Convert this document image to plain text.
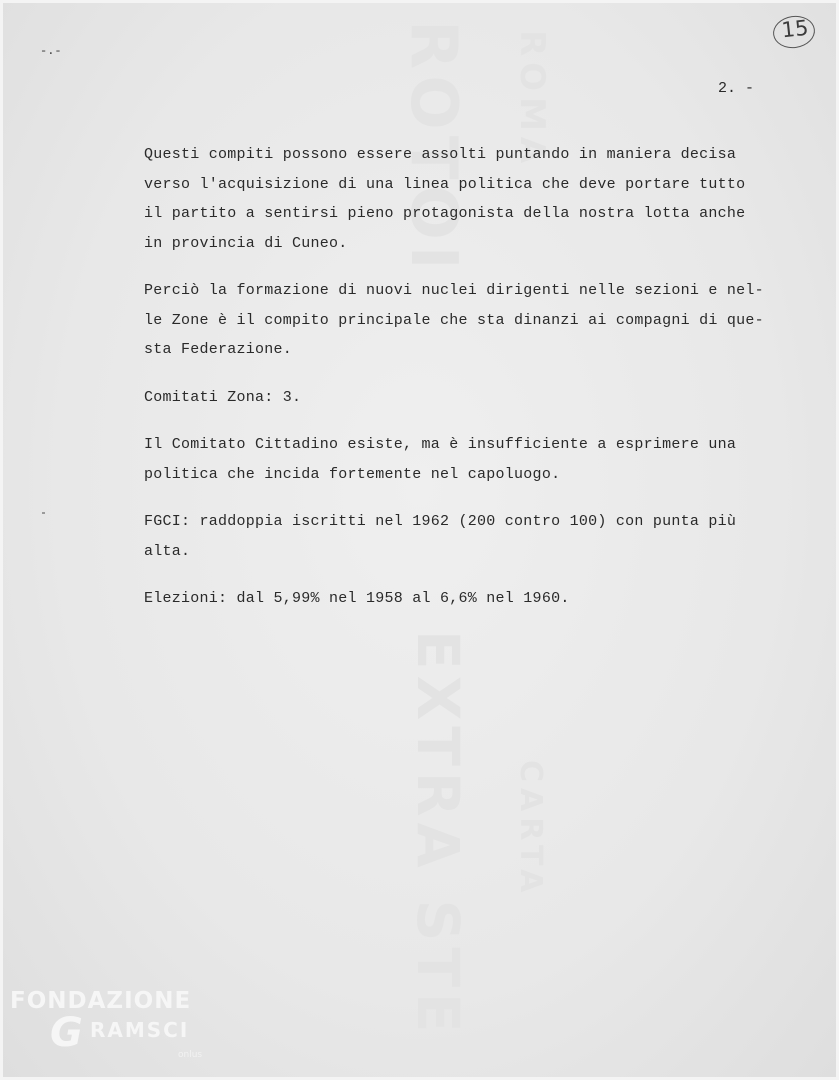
ROTOI
EXTRA STE
ROMA
CARTA
-.-
15
2. -
Questi compiti possono essere assolti puntando in maniera decisa
verso l'acquisizione di una linea politica che deve portare tutto
il partito a sentirsi pieno protagonista della nostra lotta anche
in provincia di Cuneo.
Perciò la formazione di nuovi nuclei dirigenti nelle sezioni e nel-
le Zone è il compito principale che sta dinanzi ai compagni di que-
sta Federazione.
Comitati Zona: 3.
Il Comitato Cittadino esiste, ma è insufficiente a esprimere una
politica che incida fortemente nel capoluogo.
FGCI: raddoppia iscritti nel 1962 (200 contro 100) con punta più
alta.
Elezioni: dal 5,99% nel 1958 al 6,6% nel 1960.
FONDAZIONE
G RAMSCI
onlus
